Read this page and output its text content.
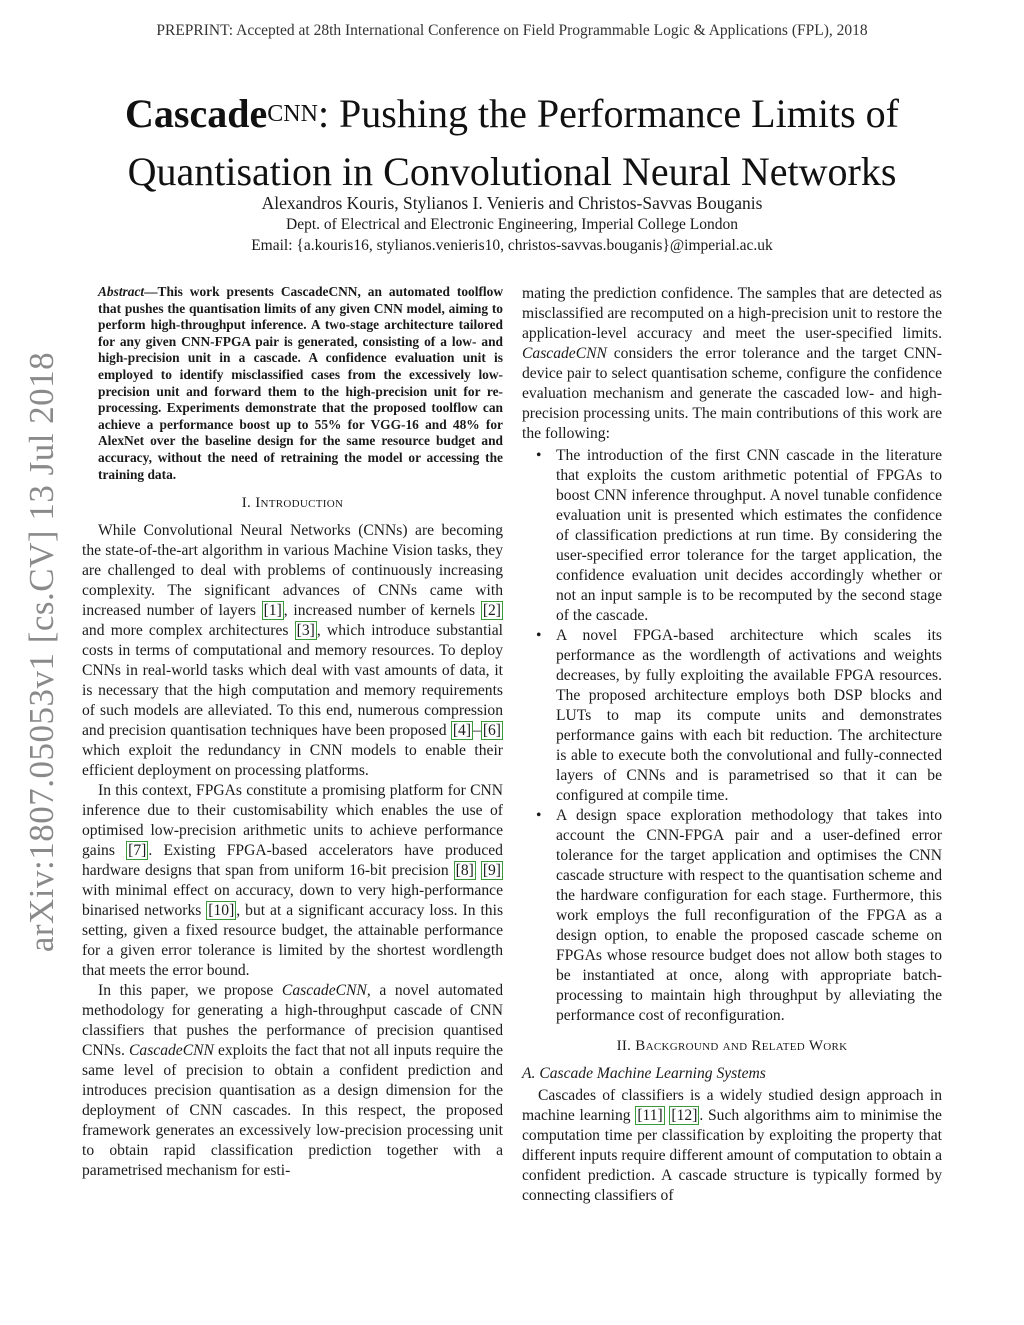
PREPRINT: Accepted at 28th International Conference on Field Programmable Logic & Applications (FPL), 2018
arXiv:1807.05053v1 [cs.CV] 13 Jul 2018
Cascade$^{CNN}$: Pushing the Performance Limits of
Quantisation in Convolutional Neural Networks
Alexandros Kouris, Stylianos I. Venieris and Christos-Savvas Bouganis
Dept. of Electrical and Electronic Engineering, Imperial College London
Email: {a.kouris16, stylianos.venieris10, christos-savvas.bouganis}@imperial.ac.uk
Abstract—This work presents CascadeCNN, an automated toolflow that pushes the quantisation limits of any given CNN model, aiming to perform high-throughput inference. A two-stage architecture tailored for any given CNN-FPGA pair is generated, consisting of a low- and high-precision unit in a cascade. A confidence evaluation unit is employed to identify misclassified cases from the excessively low-precision unit and forward them to the high-precision unit for re-processing. Experiments demonstrate that the proposed toolflow can achieve a performance boost up to 55% for VGG-16 and 48% for AlexNet over the baseline design for the same resource budget and accuracy, without the need of retraining the model or accessing the training data.
I. Introduction

While Convolutional Neural Networks (CNNs) are becoming the state-of-the-art algorithm in various Machine Vision tasks, they are challenged to deal with problems of continuously increasing complexity. The significant advances of CNNs came with increased number of layers [1] , increased number of kernels [2] and more complex architectures [3] , which introduce substantial costs in terms of computational and memory resources. To deploy CNNs in real-world tasks which deal with vast amounts of data, it is necessary that the high computation and memory requirements of such models are alleviated. To this end, numerous compression and precision quantisation techniques have been proposed [4] – [6] which exploit the redundancy in CNN models to enable their efficient deployment on processing platforms.

In this context, FPGAs constitute a promising platform for CNN inference due to their customisability which enables the use of optimised low-precision arithmetic units to achieve performance gains [7] . Existing FPGA-based accelerators have produced hardware designs that span from uniform 16-bit precision [8] [9] with minimal effect on accuracy, down to very high-performance binarised networks [10] , but at a significant accuracy loss. In this setting, given a fixed resource budget, the attainable performance for a given error tolerance is limited by the shortest wordlength that meets the error bound.

In this paper, we propose CascadeCNN, a novel automated methodology for generating a high-throughput cascade of CNN classifiers that pushes the performance of precision quantised CNNs. CascadeCNN exploits the fact that not all inputs require the same level of precision to obtain a confident prediction and introduces precision quantisation as a design dimension for the deployment of CNN cascades. In this respect, the proposed framework generates an excessively low-precision processing unit to obtain rapid classification prediction together with a parametrised mechanism for esti-

mating the prediction confidence. The samples that are detected as misclassified are recomputed on a high-precision unit to restore the application-level accuracy and meet the user-specified limits. CascadeCNN considers the error tolerance and the target CNN-device pair to select quantisation scheme, configure the confidence evaluation mechanism and generate the cascaded low- and high-precision processing units. The main contributions of this work are the following:

• The introduction of the first CNN cascade in the literature that exploits the custom arithmetic potential of FPGAs to boost CNN inference throughput. A novel tunable confidence evaluation unit is presented which estimates the confidence of classification predictions at run time. By considering the user-specified error tolerance for the target application, the confidence evaluation unit decides accordingly whether or not an input sample is to be recomputed by the second stage of the cascade.
• A novel FPGA-based architecture which scales its performance as the wordlength of activations and weights decreases, by fully exploiting the available FPGA resources. The proposed architecture employs both DSP blocks and LUTs to map its compute units and demonstrates performance gains with each bit reduction. The architecture is able to execute both the convolutional and fully-connected layers of CNNs and is parametrised so that it can be configured at compile time.
• A design space exploration methodology that takes into account the CNN-FPGA pair and a user-defined error tolerance for the target application and optimises the CNN cascade structure with respect to the quantisation scheme and the hardware configuration for each stage. Furthermore, this work employs the full reconfiguration of the FPGA as a design option, to enable the proposed cascade scheme on FPGAs whose resource budget does not allow both stages to be instantiated at once, along with appropriate batch-processing to maintain high throughput by alleviating the performance cost of reconfiguration.
II. Background and Related Work
A. Cascade Machine Learning Systems

Cascades of classifiers is a widely studied design approach in machine learning [11] [12] . Such algorithms aim to minimise the computation time per classification by exploiting the property that different inputs require different amount of computation to obtain a confident prediction. A cascade structure is typically formed by connecting classifiers of
